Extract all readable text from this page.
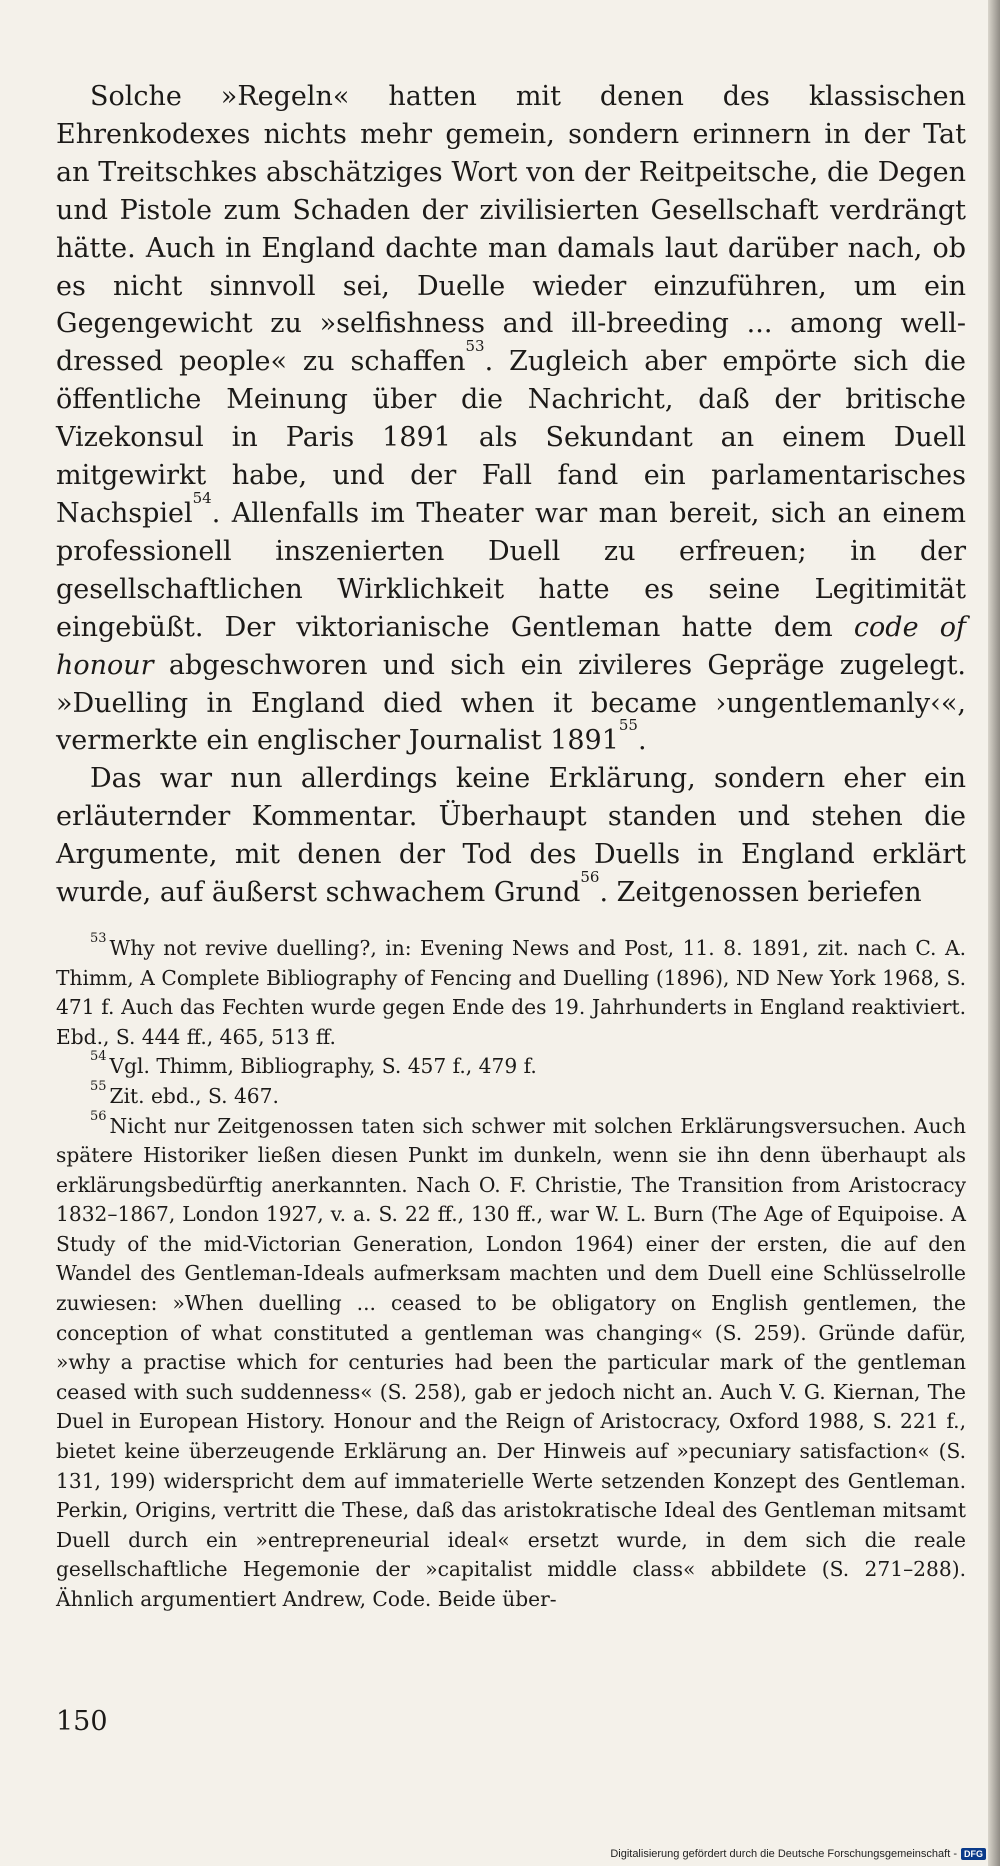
Solche »Regeln« hatten mit denen des klassischen Ehrenkodexes nichts mehr gemein, sondern erinnern in der Tat an Treitschkes abschätziges Wort von der Reitpeitsche, die Degen und Pistole zum Schaden der zivilisierten Gesellschaft verdrängt hätte. Auch in England dachte man damals laut darüber nach, ob es nicht sinnvoll sei, Duelle wieder einzuführen, um ein Gegengewicht zu »selfishness and ill-breeding ... among well-dressed people« zu schaffen$^{53}$. Zugleich aber empörte sich die öffentliche Meinung über die Nachricht, daß der britische Vizekonsul in Paris 1891 als Sekundant an einem Duell mitgewirkt habe, und der Fall fand ein parlamentarisches Nachspiel$^{54}$. Allenfalls im Theater war man bereit, sich an einem professionell inszenierten Duell zu erfreuen; in der gesellschaftlichen Wirklichkeit hatte es seine Legitimität eingebüßt. Der viktorianische Gentleman hatte dem code of honour abgeschworen und sich ein zivileres Gepräge zugelegt. »Duelling in England died when it became ›ungentlemanly‹«, vermerkte ein englischer Journalist 1891$^{55}$.

Das war nun allerdings keine Erklärung, sondern eher ein erläuternder Kommentar. Überhaupt standen und stehen die Argumente, mit denen der Tod des Duells in England erklärt wurde, auf äußerst schwachem Grund$^{56}$. Zeitgenossen beriefen

$^{53}$ Why not revive duelling?, in: Evening News and Post, 11. 8. 1891, zit. nach C. A. Thimm, A Complete Bibliography of Fencing and Duelling (1896), ND New York 1968, S. 471 f. Auch das Fechten wurde gegen Ende des 19. Jahrhunderts in England reaktiviert. Ebd., S. 444 ff., 465, 513 ff.

$^{54}$ Vgl. Thimm, Bibliography, S. 457 f., 479 f.

$^{55}$ Zit. ebd., S. 467.

$^{56}$ Nicht nur Zeitgenossen taten sich schwer mit solchen Erklärungsversuchen. Auch spätere Historiker ließen diesen Punkt im dunkeln, wenn sie ihn denn überhaupt als erklärungsbedürftig anerkannten. Nach O. F. Christie, The Transition from Aristocracy 1832–1867, London 1927, v. a. S. 22 ff., 130 ff., war W. L. Burn (The Age of Equipoise. A Study of the mid-Victorian Generation, London 1964) einer der ersten, die auf den Wandel des Gentleman-Ideals aufmerksam machten und dem Duell eine Schlüsselrolle zuwiesen: »When duelling ... ceased to be obligatory on English gentlemen, the conception of what constituted a gentleman was changing« (S. 259). Gründe dafür, »why a practise which for centuries had been the particular mark of the gentleman ceased with such suddenness« (S. 258), gab er jedoch nicht an. Auch V. G. Kiernan, The Duel in European History. Honour and the Reign of Aristocracy, Oxford 1988, S. 221 f., bietet keine überzeugende Erklärung an. Der Hinweis auf »pecuniary satisfaction« (S. 131, 199) widerspricht dem auf immaterielle Werte setzenden Konzept des Gentleman. Perkin, Origins, vertritt die These, daß das aristokratische Ideal des Gentleman mitsamt Duell durch ein »entrepreneurial ideal« ersetzt wurde, in dem sich die reale gesellschaftliche Hegemonie der »capitalist middle class« abbildete (S. 271–288). Ähnlich argumentiert Andrew, Code. Beide über-

150
Digitalisierung gefördert durch die Deutsche Forschungsgemeinschaft - DFG
